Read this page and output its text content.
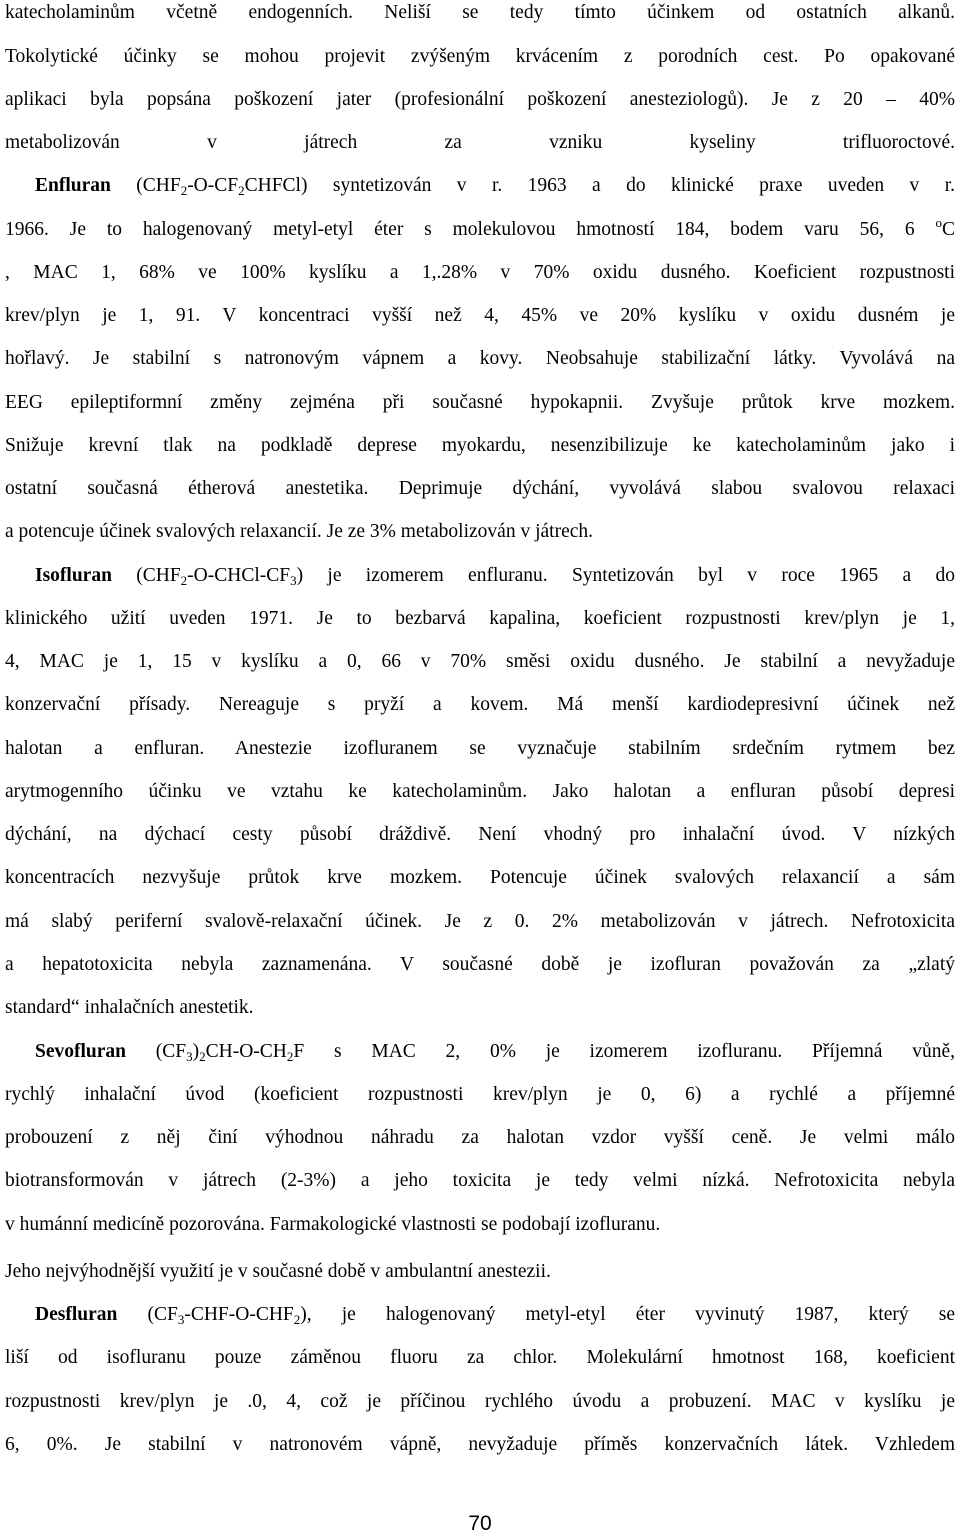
katecholaminům včetně endogenních. Neliší se tedy tímto účinkem od ostatních alkanů.
Tokolytické účinky se mohou projevit zvýšeným krvácením z porodních cest. Po opakované
aplikaci byla popsána poškození jater (profesionální poškození anesteziologů). Je z 20 – 40%
metabolizován v játrech za vzniku kyseliny trifluoroctové.
Enfluran $(CHF_2-O-CF_2CHFCl)$ syntetizován v r. 1963 a do klinické praxe uveden v r.
1966. Je to halogenovaný metyl-etyl éter s molekulovou hmotností 184, bodem varu 56, 6 $^o$C
, MAC 1, 68% ve 100% kyslíku a 1,.28% v 70% oxidu dusného. Koeficient rozpustnosti
krev/plyn je 1, 91. V koncentraci vyšší než 4, 45% ve 20% kyslíku v oxidu dusném je
hořlavý. Je stabilní s natronovým vápnem a kovy. Neobsahuje stabilizační látky. Vyvolává na
EEG epileptiformní změny zejména při současné hypokapnii. Zvyšuje průtok krve mozkem.
Snižuje krevní tlak na podkladě deprese myokardu, nesenzibilizuje ke katecholaminům jako i
ostatní současná étherová anestetika. Deprimuje dýchání, vyvolává slabou svalovou relaxaci
a potencuje účinek svalových relaxancií. Je ze 3% metabolizován v játrech.
Isofluran $(CHF_2-O-CHCl-CF_3)$ je izomerem enfluranu. Syntetizován byl v roce 1965 a do
klinického užití uveden 1971. Je to bezbarvá kapalina, koeficient rozpustnosti krev/plyn je 1,
4, MAC je 1, 15 v kyslíku a 0, 66 v 70% směsi oxidu dusného. Je stabilní a nevyžaduje
konzervační přísady. Nereaguje s pryží a kovem. Má menší kardiodepresivní účinek než
halotan a enfluran. Anestezie izofluranem se vyznačuje stabilním srdečním rytmem bez
arytmogenního účinku ve vztahu ke katecholaminům. Jako halotan a enfluran působí depresi
dýchání, na dýchací cesty působí dráždivě. Není vhodný pro inhalační úvod. V nízkých
koncentracích nezvyšuje průtok krve mozkem. Potencuje účinek svalových relaxancií a sám
má slabý periferní svalově-relaxační účinek. Je z 0. 2% metabolizován v játrech. Nefrotoxicita
a hepatotoxicita nebyla zaznamenána. V současné době je izofluran považován za „zlatý
standard“ inhalačních anestetik.
Sevofluran $(CF_3)_2CH-O-CH_2F$ s MAC 2, 0% je izomerem izofluranu. Příjemná vůně,
rychlý inhalační úvod (koeficient rozpustnosti krev/plyn je 0, 6) a rychlé a příjemné
probouzení z něj činí výhodnou náhradu za halotan vzdor vyšší ceně. Je velmi málo
biotransformován v játrech (2-3%) a jeho toxicita je tedy velmi nízká. Nefrotoxicita nebyla
v humánní medicíně pozorována. Farmakologické vlastnosti se podobají izofluranu.
Jeho nejvýhodnější využití je v současné době v ambulantní anestezii.
Desfluran $(CF_3-CHF-O-CHF_2)$, je halogenovaný metyl-etyl éter vyvinutý 1987, který se
liší od isofluranu pouze záměnou fluoru za chlor. Molekulární hmotnost 168, koeficient
rozpustnosti krev/plyn je .0, 4, což je příčinou rychlého úvodu a probuzení. MAC v kyslíku je
6, 0%. Je stabilní v natronovém vápně, nevyžaduje příměs konzervačních látek. Vzhledem
70
